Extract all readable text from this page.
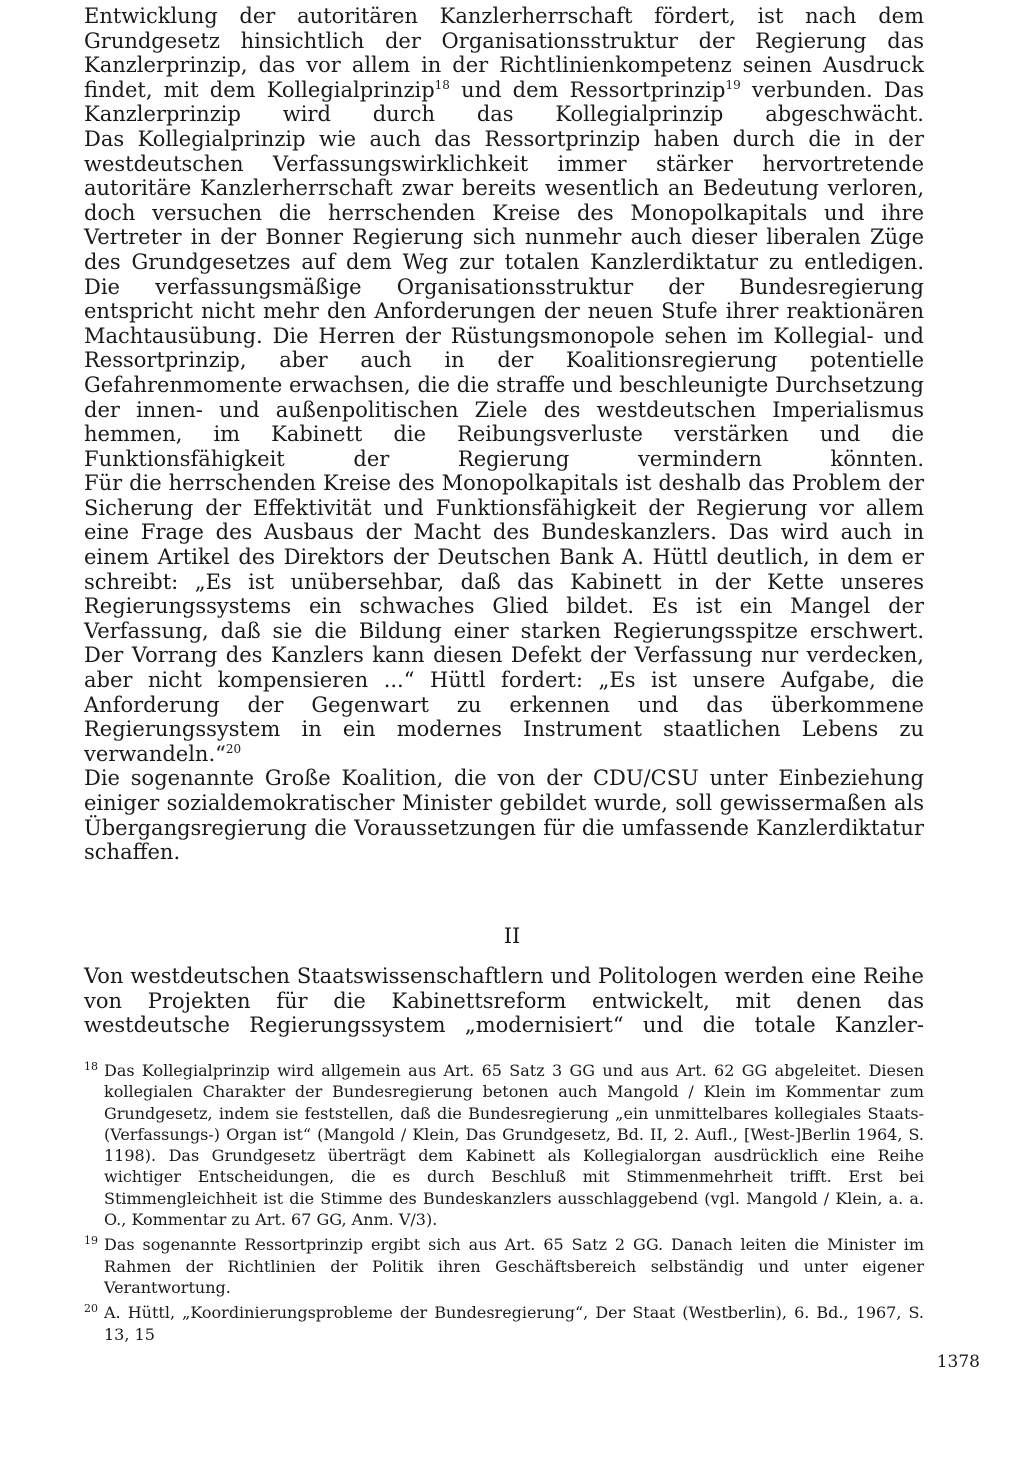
Entwicklung der autoritären Kanzlerherrschaft fördert, ist nach dem Grundgesetz hinsichtlich der Organisationsstruktur der Regierung das Kanzlerprinzip, das vor allem in der Richtlinienkompetenz seinen Ausdruck findet, mit dem Kollegialprinzip$^{18}$ und dem Ressortprinzip$^{19}$ verbunden. Das Kanzlerprinzip wird durch das Kollegialprinzip abgeschwächt.

Das Kollegialprinzip wie auch das Ressortprinzip haben durch die in der westdeutschen Verfassungswirklichkeit immer stärker hervortretende autoritäre Kanzlerherrschaft zwar bereits wesentlich an Bedeutung verloren, doch versuchen die herrschenden Kreise des Monopolkapitals und ihre Vertreter in der Bonner Regierung sich nunmehr auch dieser liberalen Züge des Grundgesetzes auf dem Weg zur totalen Kanzlerdiktatur zu entledigen.

Die verfassungsmäßige Organisationsstruktur der Bundesregierung entspricht nicht mehr den Anforderungen der neuen Stufe ihrer reaktionären Machtausübung. Die Herren der Rüstungsmonopole sehen im Kollegial- und Ressortprinzip, aber auch in der Koalitionsregierung potentielle Gefahrenmomente erwachsen, die die straffe und beschleunigte Durchsetzung der innen- und außenpolitischen Ziele des westdeutschen Imperialismus hemmen, im Kabinett die Reibungsverluste verstärken und die Funktionsfähigkeit der Regierung vermindern könnten.

Für die herrschenden Kreise des Monopolkapitals ist deshalb das Problem der Sicherung der Effektivität und Funktionsfähigkeit der Regierung vor allem eine Frage des Ausbaus der Macht des Bundeskanzlers. Das wird auch in einem Artikel des Direktors der Deutschen Bank A. Hüttl deutlich, in dem er schreibt: „Es ist unübersehbar, daß das Kabinett in der Kette unseres Regierungssystems ein schwaches Glied bildet. Es ist ein Mangel der Verfassung, daß sie die Bildung einer starken Regierungsspitze erschwert. Der Vorrang des Kanzlers kann diesen Defekt der Verfassung nur verdecken, aber nicht kompensieren ...“ Hüttl fordert: „Es ist unsere Aufgabe, die Anforderung der Gegenwart zu erkennen und das überkommene Regierungssystem in ein modernes Instrument staatlichen Lebens zu verwandeln.“$^{20}$

Die sogenannte Große Koalition, die von der CDU/CSU unter Einbeziehung einiger sozialdemokratischer Minister gebildet wurde, soll gewissermaßen als Übergangsregierung die Voraussetzungen für die umfassende Kanzlerdiktatur schaffen.

II

Von westdeutschen Staatswissenschaftlern und Politologen werden eine Reihe von Projekten für die Kabinettsreform entwickelt, mit denen das westdeutsche Regierungssystem „modernisiert“ und die totale Kanzler-

18 Das Kollegialprinzip wird allgemein aus Art. 65 Satz 3 GG und aus Art. 62 GG abgeleitet. Diesen kollegialen Charakter der Bundesregierung betonen auch Mangold / Klein im Kommentar zum Grundgesetz, indem sie feststellen, daß die Bundesregierung „ein unmittelbares kollegiales Staats- (Verfassungs-) Organ ist“ (Mangold / Klein, Das Grundgesetz, Bd. II, 2. Aufl., [West-]Berlin 1964, S. 1198). Das Grundgesetz überträgt dem Kabinett als Kollegialorgan ausdrücklich eine Reihe wichtiger Entscheidungen, die es durch Beschluß mit Stimmenmehrheit trifft. Erst bei Stimmengleichheit ist die Stimme des Bundeskanzlers ausschlaggebend (vgl. Mangold / Klein, a. a. O., Kommentar zu Art. 67 GG, Anm. V/3).
19 Das sogenannte Ressortprinzip ergibt sich aus Art. 65 Satz 2 GG. Danach leiten die Minister im Rahmen der Richtlinien der Politik ihren Geschäftsbereich selbständig und unter eigener Verantwortung.
20 A. Hüttl, „Koordinierungsprobleme der Bundesregierung“, Der Staat (Westberlin), 6. Bd., 1967, S. 13, 15
1378
